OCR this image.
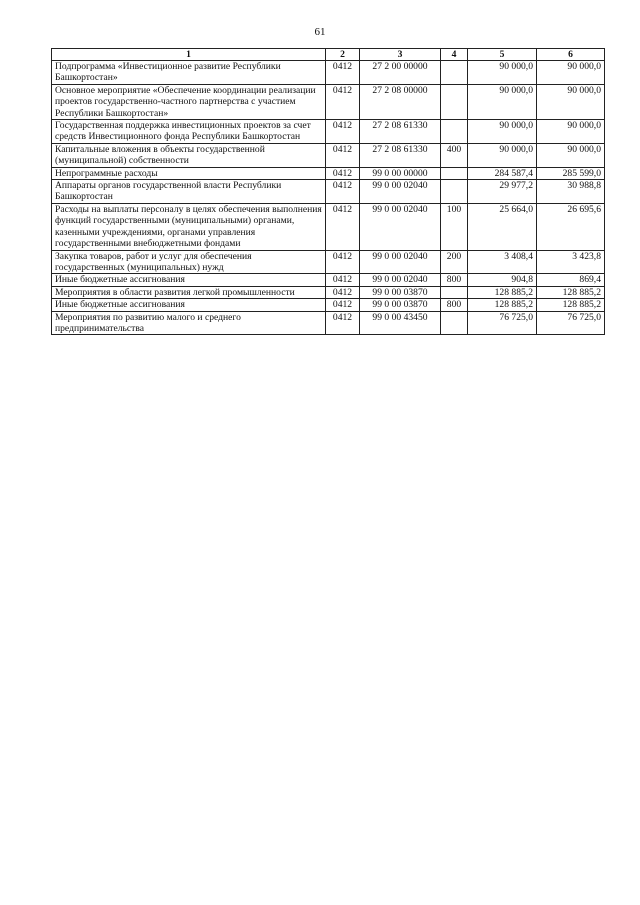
61
1	2	3	4	5	6
Подпрограмма «Инвестиционное развитие Республики Башкортостан»	0412	27 2 00 00000		90 000,0	90 000,0
Основное мероприятие «Обеспечение координации реализации проектов государственно-частного партнерства с участием Республики Башкортостан»	0412	27 2 08 00000		90 000,0	90 000,0
Государственная поддержка инвестиционных проектов за счет средств Инвестиционного фонда Республики Башкортостан	0412	27 2 08 61330		90 000,0	90 000,0
Капитальные вложения в объекты государственной (муниципальной) собственности	0412	27 2 08 61330	400	90 000,0	90 000,0
Непрограммные расходы	0412	99 0 00 00000		284 587,4	285 599,0
Аппараты органов государственной власти Республики Башкортостан	0412	99 0 00 02040		29 977,2	30 988,8
Расходы на выплаты персоналу в целях обеспечения выполнения функций государственными (муниципальными) органами, казенными учреждениями, органами управления государственными внебюджетными фондами	0412	99 0 00 02040	100	25 664,0	26 695,6
Закупка товаров, работ и услуг для обеспечения государственных (муниципальных) нужд	0412	99 0 00 02040	200	3 408,4	3 423,8
Иные бюджетные ассигнования	0412	99 0 00 02040	800	904,8	869,4
Мероприятия в области развития легкой промышленности	0412	99 0 00 03870		128 885,2	128 885,2
Иные бюджетные ассигнования	0412	99 0 00 03870	800	128 885,2	128 885,2
Мероприятия по развитию малого и среднего предпринимательства	0412	99 0 00 43450		76 725,0	76 725,0
